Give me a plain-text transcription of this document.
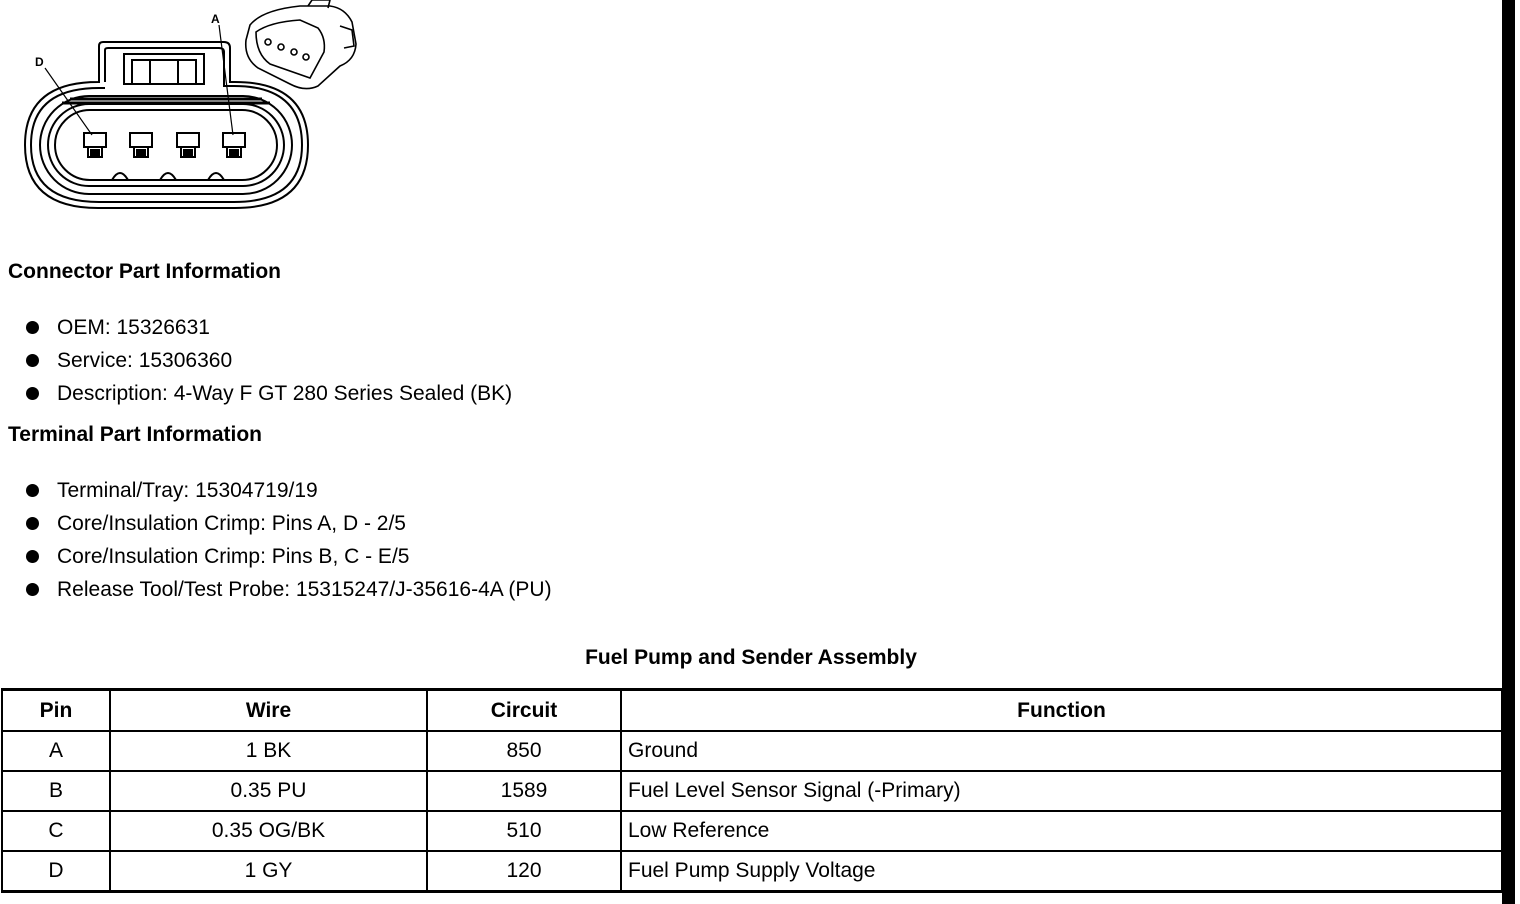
A
D
Connector Part Information
OEM: 15326631
Service: 15306360
Description: 4-Way F GT 280 Series Sealed (BK)
Terminal Part Information
Terminal/Tray: 15304719/19
Core/Insulation Crimp: Pins A, D - 2/5
Core/Insulation Crimp: Pins B, C - E/5
Release Tool/Test Probe: 15315247/J-35616-4A (PU)
Fuel Pump and Sender Assembly
Pin	Wire	Circuit	Function
A	1 BK	850	Ground
B	0.35 PU	1589	Fuel Level Sensor Signal (-Primary)
C	0.35 OG/BK	510	Low Reference
D	1 GY	120	Fuel Pump Supply Voltage
